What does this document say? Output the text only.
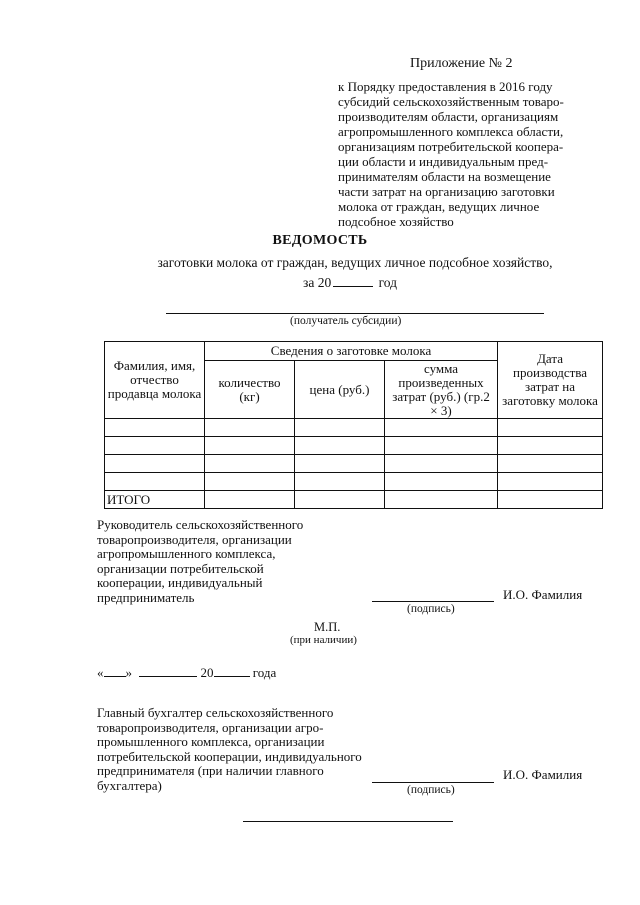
Приложение № 2
к Порядку предоставления в 2016 году
субсидий сельскохозяйственным товаро-
производителям области, организациям
агропромышленного комплекса области,
организациям потребительской коопера-
ции области и индивидуальным пред-
принимателям области на возмещение
части затрат на организацию заготовки
молока от граждан, ведущих личное
подсобное хозяйство
ВЕДОМОСТЬ
заготовки молока от граждан, ведущих личное подсобное хозяйство,
за 20	год
(получатель субсидии)
Фамилия, имя, отчество продавца молока	Сведения о заготовке молока			Дата производства затрат на заготовку молока
	количество (кг)	цена (руб.)	сумма произведенных затрат (руб.) (гр.2 × 3)	

ИТОГО				
Руководитель сельскохозяйственного
товаропроизводителя, организации
агропромышленного комплекса,
организации потребительской
кооперации, индивидуальный
предприниматель	И.О. Фамилия
(подпись)
М.П.
(при наличии)
« »	20	года
Главный бухгалтер сельскохозяйственного
товаропроизводителя, организации агро-
промышленного комплекса, организации
потребительской кооперации, индивидуального
предпринимателя (при наличии главного
бухгалтера)
И.О. Фамилия
(подпись)
